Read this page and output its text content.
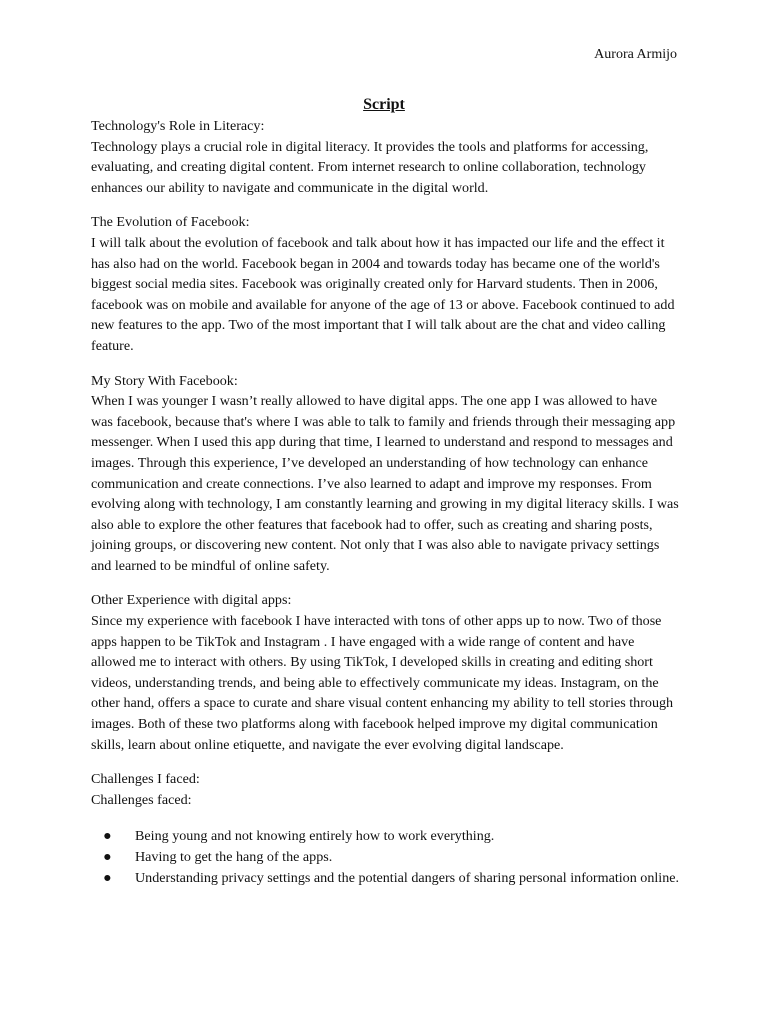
Aurora Armijo
Script
Technology's Role in Literacy:
Technology plays a crucial role in digital literacy. It provides the tools and platforms for accessing, evaluating, and creating digital content. From internet research to online collaboration, technology enhances our ability to navigate and communicate in the digital world.
The Evolution of Facebook:
I will talk about the evolution of facebook and talk about how it has impacted our life and the effect it has also had on the world. Facebook began in 2004 and towards today has became one of the world's biggest social media sites. Facebook was originally created only for Harvard students. Then in 2006, facebook was on mobile and available for anyone of the age of 13 or above. Facebook continued to add new features to the app. Two of the most important that I will talk about are the chat and video calling feature.
My Story With Facebook:
When I was younger I wasn’t really allowed to have digital apps. The one app I was allowed to have was facebook, because that's where I was able to talk to family and friends through their messaging app messenger. When I used this app during that time, I learned to understand and respond to messages and images. Through this experience, I’ve developed an understanding of how technology can enhance communication and create connections. I’ve also learned to adapt and improve my responses. From evolving along with technology, I am constantly learning and growing in my digital literacy skills. I was also able to explore the other features that facebook had to offer, such as creating and sharing posts, joining groups, or discovering new content. Not only that I was also able to navigate privacy settings and learned to be mindful of online safety.
Other Experience with digital apps:
Since my experience with facebook I have interacted with tons of other apps up to now. Two of those apps happen to be TikTok and Instagram . I have engaged with a wide range of content and have allowed me to interact with others. By using TikTok, I developed skills in creating and editing short videos, understanding trends, and being able to effectively communicate my ideas. Instagram, on the other hand, offers a space to curate and share visual content enhancing my ability to tell stories through images. Both of these two platforms along with facebook helped improve my digital communication skills, learn about online etiquette, and navigate the ever evolving digital landscape.
Challenges I faced:
Challenges faced:
● Being young and not knowing entirely how to work everything.
● Having to get the hang of the apps.
● Understanding privacy settings and the potential dangers of sharing personal information online.
